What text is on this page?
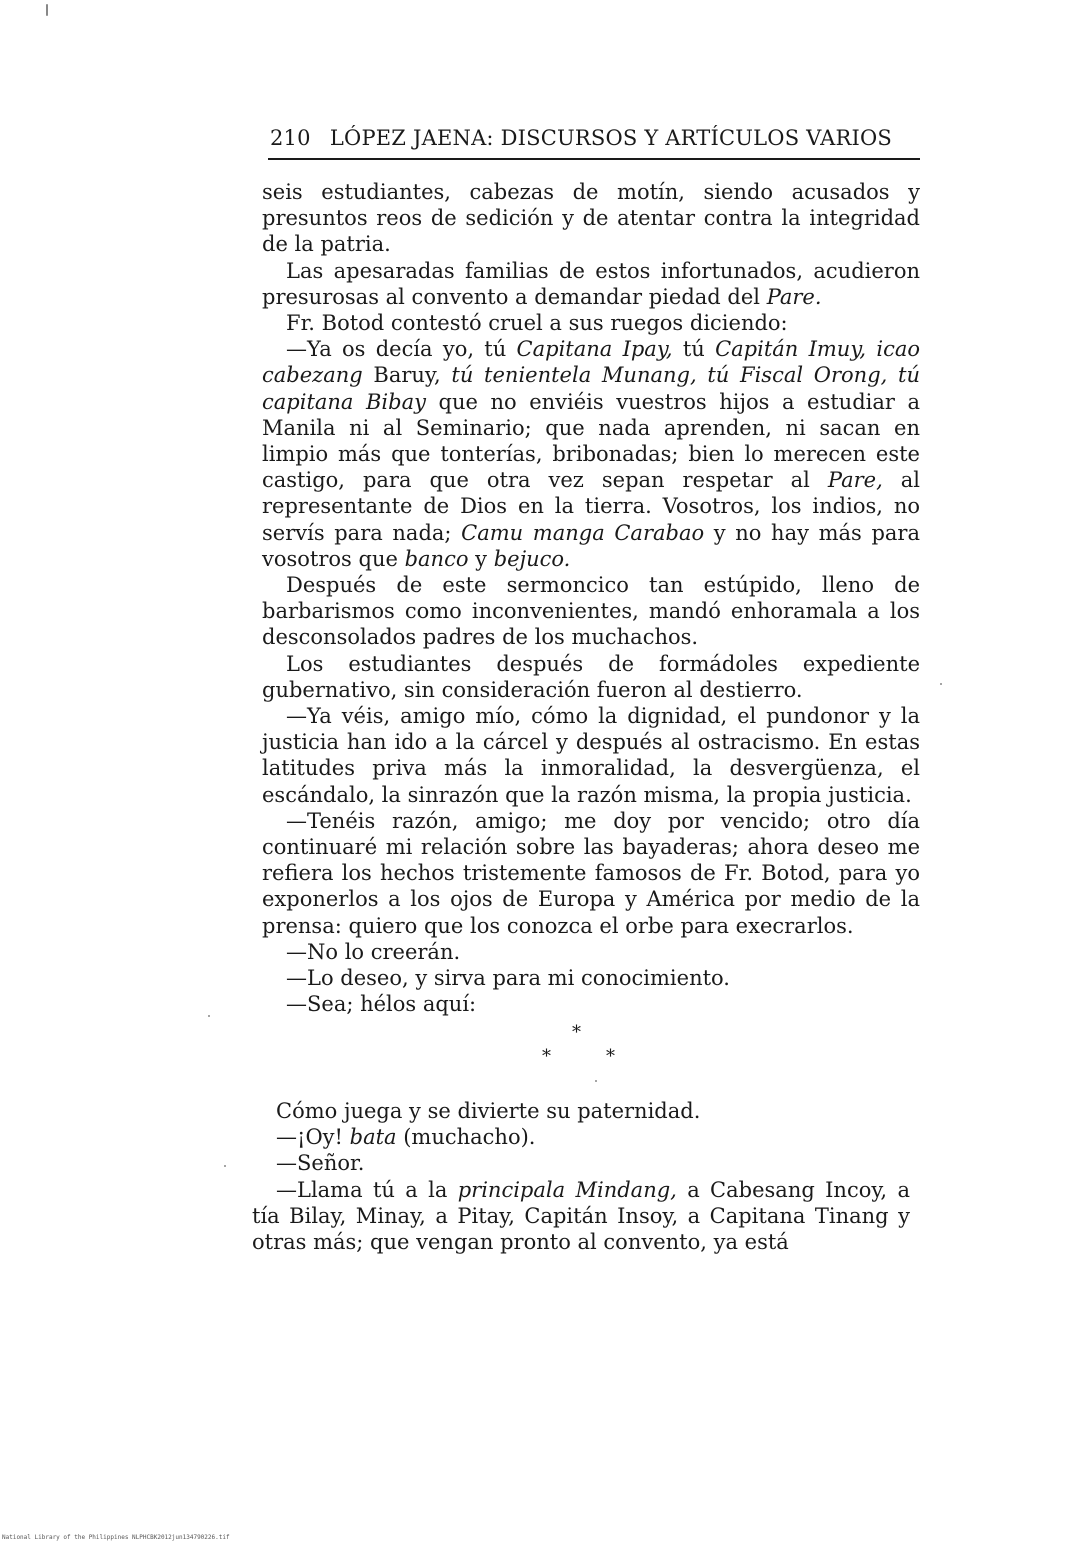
210 LÓPEZ JAENA: DISCURSOS Y ARTÍCULOS VARIOS

seis estudiantes, cabezas de motín, siendo acusados y presuntos reos de sedición y de atentar contra la integridad de la patria.

Las apesaradas familias de estos infortunados, acudieron presurosas al convento a demandar piedad del Pare.

Fr. Botod contestó cruel a sus ruegos diciendo:

—Ya os decía yo, tú Capitana Ipay, tú Capitán Imuy, icao cabezang Baruy, tú tenientela Munang, tú Fiscal Orong, tú capitana Bibay que no enviéis vuestros hijos a estudiar a Manila ni al Seminario; que nada aprenden, ni sacan en limpio más que tonterías, bribonadas; bien lo merecen este castigo, para que otra vez sepan respetar al Pare, al representante de Dios en la tierra. Vosotros, los indios, no servís para nada; Camu manga Carabao y no hay más para vosotros que banco y bejuco.

Después de este sermoncico tan estúpido, lleno de barbarismos como inconvenientes, mandó enhoramala a los desconsolados padres de los muchachos.

Los estudiantes después de formádoles expediente gubernativo, sin consideración fueron al destierro.

—Ya véis, amigo mío, cómo la dignidad, el pundonor y la justicia han ido a la cárcel y después al ostracismo. En estas latitudes priva más la inmoralidad, la desvergüenza, el escándalo, la sinrazón que la razón misma, la propia justicia.

—Tenéis razón, amigo; me doy por vencido; otro día continuaré mi relación sobre las bayaderas; ahora deseo me refiera los hechos tristemente famosos de Fr. Botod, para yo exponerlos a los ojos de Europa y América por medio de la prensa: quiero que los conozca el orbe para execrarlos.

—No lo creerán.

—Lo deseo, y sirva para mi conocimiento.

—Sea; hélos aquí:

*
*	*

Cómo juega y se divierte su paternidad.

—¡Oy! bata (muchacho).

—Señor.

—Llama tú a la principala Mindang, a Cabesang Incoy, a tía Bilay, Minay, a Pitay, Capitán Insoy, a Capitana Tinang y otras más; que vengan pronto al convento, ya está

National Library of the Philippines NLPHCBK2012jun134790226.tif
